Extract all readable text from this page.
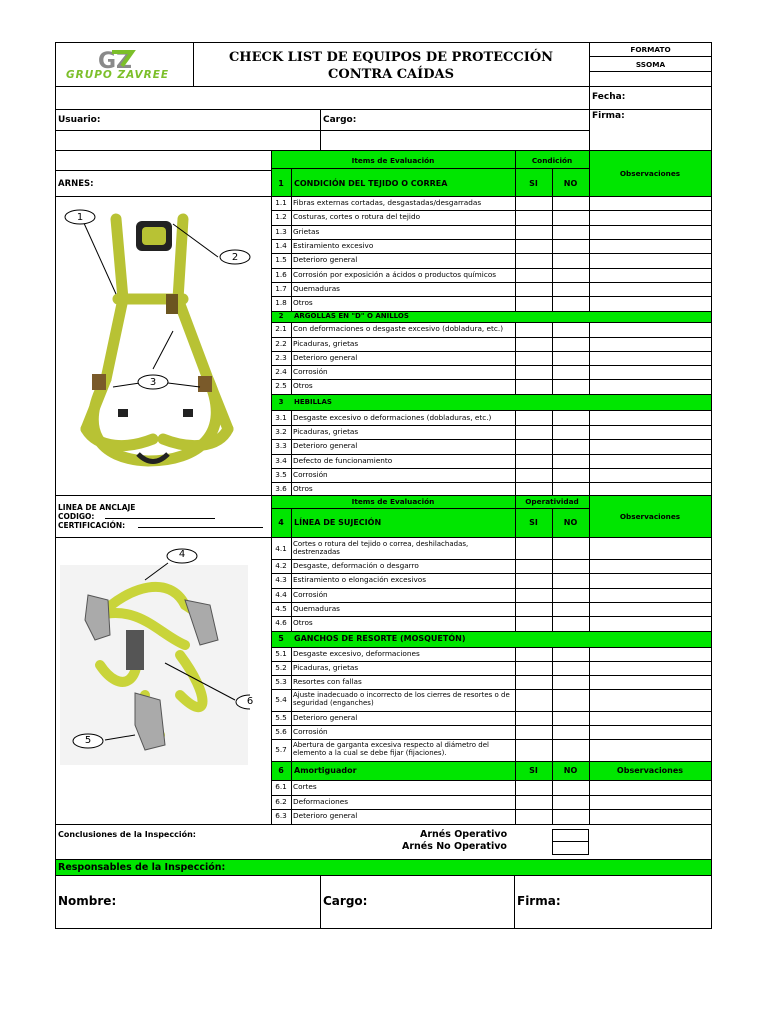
GZ
GRUPO ZAVREE
CHECK LIST DE EQUIPOS DE PROTECCIÓN CONTRA CAÍDAS
FORMATO
SSOMA
Fecha:
Usuario:	Cargo:	Firma:
Items de Evaluación	Condición
Observaciones
ARNES:	1	CONDICIÓN DEL TEJIDO O CORREA	SI	NO
1
2
3
1.1 Fibras externas cortadas, desgastadas/desgarradas
1.2 Costuras, cortes o rotura del tejido
1.3 Grietas
1.4 Estiramiento excesivo
1.5 Deterioro general
1.6 Corrosión por exposición a ácidos o productos químicos
1.7 Quemaduras
1.8 Otros
2	ARGOLLAS EN "D" O ANILLOS
2.1 Con deformaciones o desgaste excesivo (dobladura, etc.)
2.2 Picaduras, grietas
2.3 Deterioro general
2.4 Corrosión
2.5 Otros
3	HEBILLAS
3.1 Desgaste excesivo o deformaciones (dobladuras, etc.)
3.2 Picaduras, grietas
3.3 Deterioro general
3.4 Defecto de funcionamiento
3.5 Corrosión
3.6 Otros
LINEA DE ANCLAJE
CODIGO:
CERTIFICACIÓN:
Items de Evaluación	Operatividad
Observaciones
4	LÍNEA DE SUJECIÓN	SI	NO
4
5
6
4.1 Cortes o rotura del tejido o correa, deshilachadas, destrenzadas
4.2 Desgaste, deformación o desgarro
4.3 Estiramiento o elongación excesivos
4.4 Corrosión
4.5 Quemaduras
4.6 Otros
5	GANCHOS DE RESORTE (MOSQUETÓN)
5.1 Desgaste excesivo, deformaciones
5.2 Picaduras, grietas
5.3 Resortes con fallas
5.4 Ajuste inadecuado o incorrecto de los cierres de resortes o de seguridad (enganches)
5.5 Deterioro general
5.6 Corrosión
5.7 Abertura de garganta excesiva respecto al diámetro del elemento a la cual se debe fijar (fijaciones).
6	Amortiguador	SI	NO	Observaciones
6.1 Cortes
6.2 Deformaciones
6.3 Deterioro general
Conclusiones de la Inspección:	Arnés Operativo
Arnés No Operativo
Responsables de la Inspección:
Nombre:	Cargo:	Firma:
